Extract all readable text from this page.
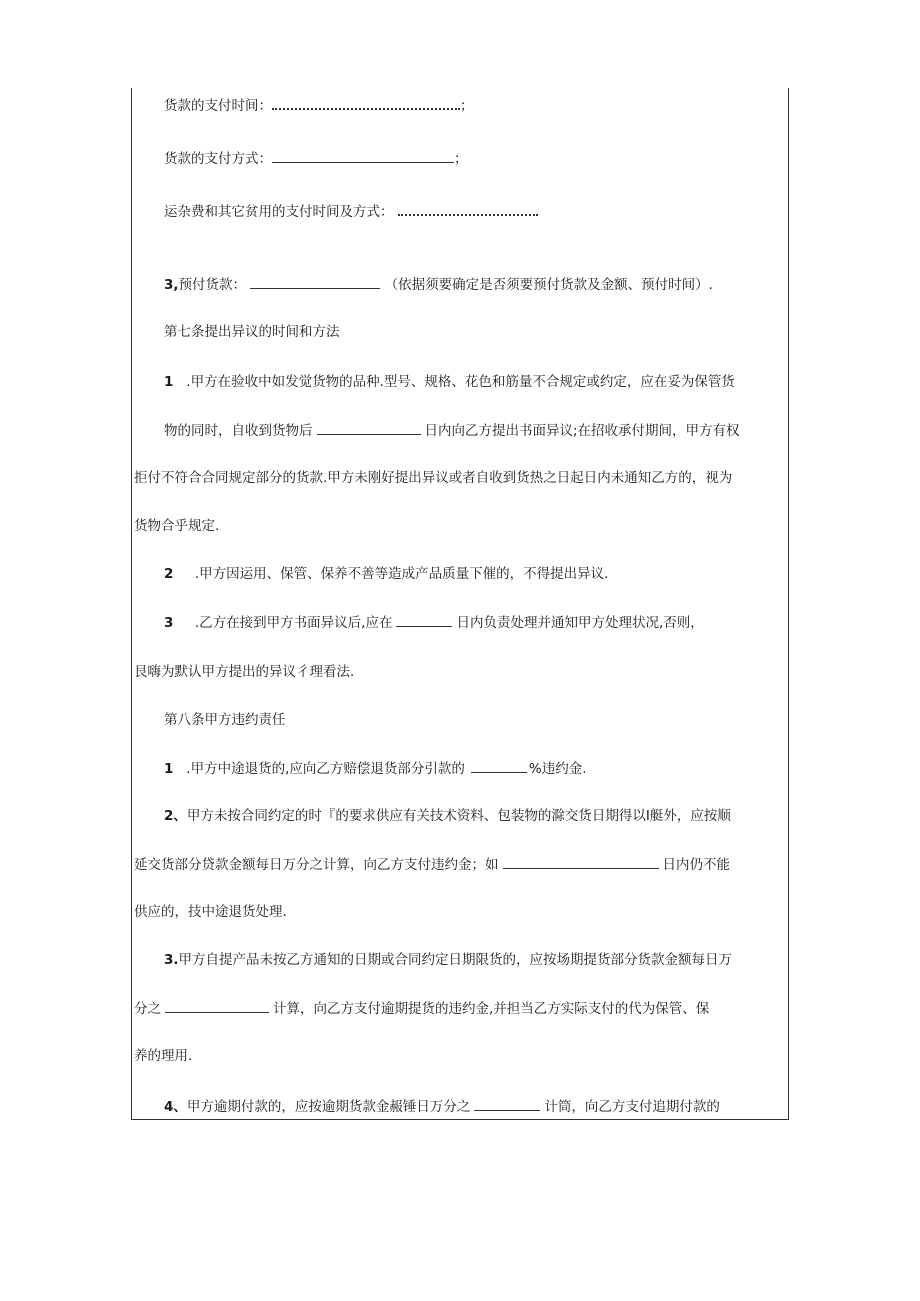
货款的支付时间：	；
货款的支付方式：	；
运杂费和其它贫用的支付时间及方式：
3,预付货款：	（依据须要确定是否须要预付货款及金额、预付时间）.
第七条提出异议的时间和方法
1 .甲方在验收中如发觉货物的品种.型号、规格、花色和筋量不合规定或约定，应在妥为保管货
物的同时，自收到货物后	日内向乙方提出书面异议;在招收承付期间，甲方有权
拒付不符合合同规定部分的货款.甲方未刚好提出异议或者自收到货热之日起日内未通知乙方的，视为
货物合乎规定.
2 .甲方因运用、保管、保养不善等造成产品质量下催的，不得提出异议.
3 .乙方在接到甲方书面异议后,应在	日内负责处理并通知甲方处理状况,否则，
艮嗨为默认甲方提出的异议彳理看法.
第八条甲方违约责任
1 .甲方中途退货的,应向乙方赔偿退货部分引款的	%违约金.
2、甲方未按合同约定的时『的要求供应有关技术资料、包装物的滁交货日期得以I艇外，应按顺
延交货部分贷款金额每日万分之计算，向乙方支付违约金；如	日内仍不能
供应的，技中途退货处理.
3.甲方自提产品未按乙方通知的日期或合同约定日期限货的，应按场期提货部分货款金额每日万
分之	计算，向乙方支付逾期提货的违约金,并担当乙方实际支付的代为保管、保
养的理用.
4、甲方逾期付款的，应按逾期货款金赧锤日万分之	计筒，向乙方支付追期付款的
